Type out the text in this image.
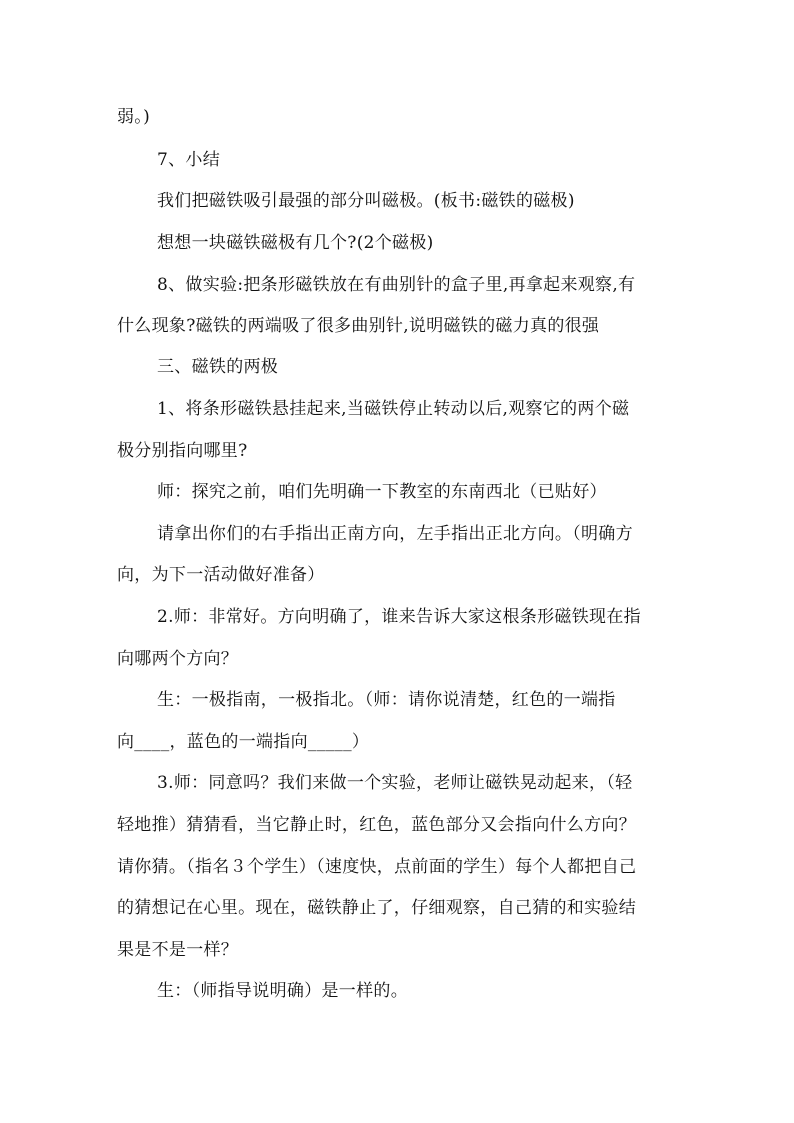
弱。)
7、小结
我们把磁铁吸引最强的部分叫磁极。(板书:磁铁的磁极)
想想一块磁铁磁极有几个?(2个磁极)
8、做实验:把条形磁铁放在有曲别针的盒子里,再拿起来观察,有
什么现象?磁铁的两端吸了很多曲别针,说明磁铁的磁力真的很强
三、磁铁的两极
1、将条形磁铁悬挂起来,当磁铁停止转动以后,观察它的两个磁
极分别指向哪里?
师：探究之前，咱们先明确一下教室的东南西北（已贴好）
请拿出你们的右手指出正南方向，左手指出正北方向。（明确方
向，为下一活动做好准备）
2.师：非常好。方向明确了，谁来告诉大家这根条形磁铁现在指
向哪两个方向？
生：一极指南，一极指北。（师：请你说清楚，红色的一端指
向____，蓝色的一端指向_____）
3.师：同意吗？我们来做一个实验，老师让磁铁晃动起来，（轻
轻地推）猜猜看，当它静止时，红色，蓝色部分又会指向什么方向？
请你猜。（指名３个学生）（速度快，点前面的学生）每个人都把自己
的猜想记在心里。现在，磁铁静止了，仔细观察，自己猜的和实验结
果是不是一样？
生：（师指导说明确）是一样的。
